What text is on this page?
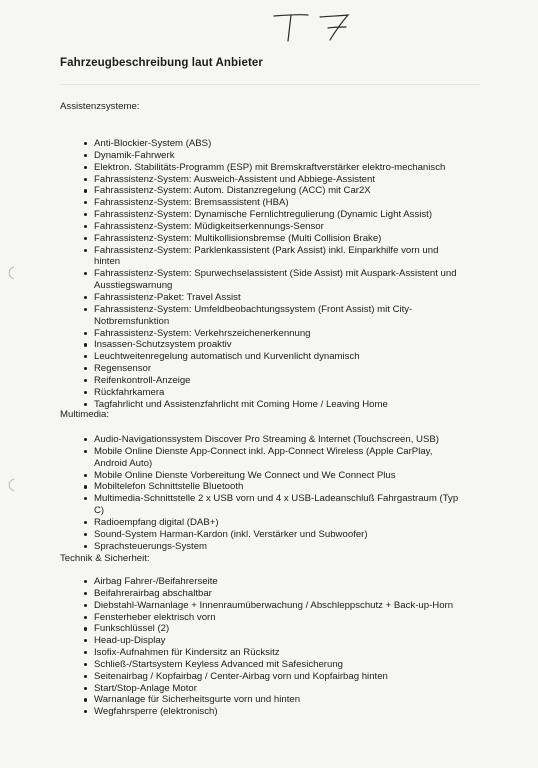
Fahrzeugbeschreibung laut Anbieter
Assistenzsysteme:
Anti-Blockier-System (ABS)
Dynamik-Fahrwerk
Elektron. Stabilitäts-Programm (ESP) mit Bremskraftverstärker elektro-mechanisch
Fahrassistenz-System: Ausweich-Assistent und Abbiege-Assistent
Fahrassistenz-System: Autom. Distanzregelung (ACC) mit Car2X
Fahrassistenz-System: Bremsassistent (HBA)
Fahrassistenz-System: Dynamische Fernlichtregulierung (Dynamic Light Assist)
Fahrassistenz-System: Müdigkeitserkennungs-Sensor
Fahrassistenz-System: Multikollisionsbremse (Multi Collision Brake)
Fahrassistenz-System: Parklenkassistent (Park Assist) inkl. Einparkhilfe vorn und hinten
Fahrassistenz-System: Spurwechselassistent (Side Assist) mit Auspark-Assistent und Ausstiegswarnung
Fahrassistenz-Paket: Travel Assist
Fahrassistenz-System: Umfeldbeobachtungssystem (Front Assist) mit City-Notbremsfunktion
Fahrassistenz-System: Verkehrszeichenerkennung
Insassen-Schutzsystem proaktiv
Leuchtweitenregelung automatisch und Kurvenlicht dynamisch
Regensensor
Reifenkontroll-Anzeige
Rückfahrkamera
Tagfahrlicht und Assistenzfahrlicht mit Coming Home / Leaving Home
Multimedia:
Audio-Navigationssystem Discover Pro Streaming & Internet (Touchscreen, USB)
Mobile Online Dienste App-Connect inkl. App-Connect Wireless (Apple CarPlay, Android Auto)
Mobile Online Dienste Vorbereitung We Connect und We Connect Plus
Mobiltelefon Schnittstelle Bluetooth
Multimedia-Schnittstelle 2 x USB vorn und 4 x USB-Ladeanschluß Fahrgastraum (Typ C)
Radioempfang digital (DAB+)
Sound-System Harman-Kardon (inkl. Verstärker und Subwoofer)
Sprachsteuerungs-System
Technik & Sicherheit:
Airbag Fahrer-/Beifahrerseite
Beifahrerairbag abschaltbar
Diebstahl-Warnanlage + Innenraumüberwachung / Abschleppschutz + Back-up-Horn
Fensterheber elektrisch vorn
Funkschlüssel (2)
Head-up-Display
Isofix-Aufnahmen für Kindersitz an Rücksitz
Schließ-/Startsystem Keyless Advanced mit Safesicherung
Seitenairbag / Kopfairbag / Center-Airbag vorn und Kopfairbag hinten
Start/Stop-Anlage Motor
Warnanlage für Sicherheitsgurte vorn und hinten
Wegfahrsperre (elektronisch)
